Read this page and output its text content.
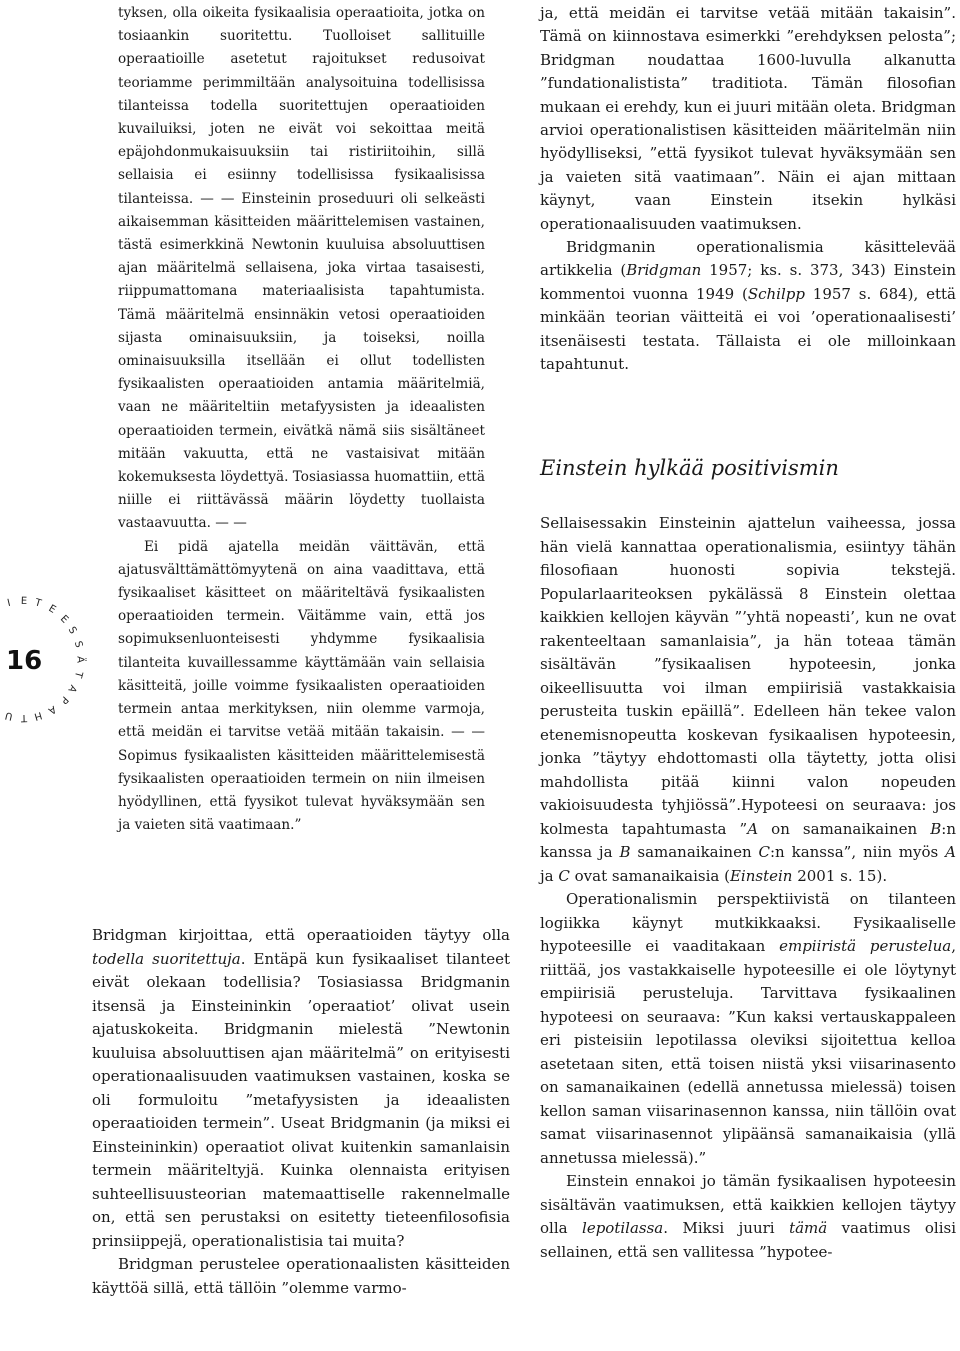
I E T E
E
S
S
Ä
T
A
P
A
H
T
U
16

tyksen, olla oikeita fysikaalisia operaatioita, jotka on tosiaankin suoritettu. Tuolloiset sallituille operaatioille asetetut rajoitukset redusoivat teoriamme perimmiltään analysoituina todellisissa tilanteissa todella suoritettujen operaatioiden kuvailuiksi, joten ne eivät voi sekoittaa meitä epäjohdonmukaisuuksiin tai ristiriitoihin, sillä sellaisia ei esiinny todellisissa fysikaalisissa tilanteissa. — — Einsteinin proseduuri oli selkeästi aikaisemman käsitteiden määrittelemisen vastainen, tästä esimerkkinä Newtonin kuuluisa absoluuttisen ajan määritelmä sellaisena, joka virtaa tasaisesti, riippumattomana materiaalisista tapahtumista. Tämä määritelmä ensinnäkin vetosi operaatioiden sijasta ominaisuuksiin, ja toiseksi, noilla ominaisuuksilla itsellään ei ollut todellisten fysikaalisten operaatioiden antamia määritelmiä, vaan ne määriteltiin metafyysisten ja ideaalisten operaatioiden termein, eivätkä nämä siis sisältäneet mitään vakuutta, että ne vastaisivat mitään kokemuksesta löydettyä. Tosiasiassa huomattiin, että niille ei riittävässä määrin löydetty tuollaista vastaavuutta. — —

Ei pidä ajatella meidän väittävän, että ajatusvälttämättömyytenä on aina vaadittava, että fysikaaliset käsitteet on määriteltävä fysikaalisten operaatioiden termein. Väitämme vain, että jos sopimuksenluonteisesti yhdymme fysikaalisia tilanteita kuvaillessamme käyttämään vain sellaisia käsitteitä, joille voimme fysikaalisten operaatioiden termein antaa merkityksen, niin olemme varmoja, että meidän ei tarvitse vetää mitään takaisin. — — Sopimus fysikaalisten käsitteiden määrittelemisestä fysikaalisten operaatioiden termein on niin ilmeisen hyödyllinen, että fyysikot tulevat hyväksymään sen ja vaieten sitä vaatimaan.”

Bridgman kirjoittaa, että operaatioiden täytyy olla todella suoritettuja. Entäpä kun fysikaaliset tilanteet eivät olekaan todellisia? Tosiasiassa Bridgmanin itsensä ja Einsteininkin ’operaatiot’ olivat usein ajatuskokeita. Bridgmanin mielestä ”Newtonin kuuluisa absoluuttisen ajan määritelmä” on erityisesti operationaalisuuden vaatimuksen vastainen, koska se oli formuloitu ”metafyysisten ja ideaalisten operaatioiden termein”. Useat Bridgmanin (ja miksi ei Einsteininkin) operaatiot olivat kuitenkin samanlaisin termein määriteltyjä. Kuinka olennaista erityisen suhteellisuusteorian matemaattiselle rakennelmalle on, että sen perustaksi on esitetty tieteenfilosofisia prinsiippejä, operationalistisia tai muita?

Bridgman perustelee operationaalisten käsitteiden käyttöä sillä, että tällöin ”olemme varmo-

ja, että meidän ei tarvitse vetää mitään takaisin”. Tämä on kiinnostava esimerkki ”erehdyksen pelosta”; Bridgman noudattaa 1600-luvulla alkanutta ”fundationalistista” traditiota. Tämän filosofian mukaan ei erehdy, kun ei juuri mitään oleta. Bridgman arvioi operationalistisen käsitteiden määritelmän niin hyödylliseksi, ”että fyysikot tulevat hyväksymään sen ja vaieten sitä vaatimaan”. Näin ei ajan mittaan käynyt, vaan Einstein itsekin hylkäsi operationaalisuuden vaatimuksen.

Bridgmanin operationalismia käsittelevää artikkelia (Bridgman 1957; ks. s. 373, 343) Einstein kommentoi vuonna 1949 (Schilpp 1957 s. 684), että minkään teorian väitteitä ei voi ’operationaalisesti’ itsenäisesti testata. Tällaista ei ole milloinkaan tapahtunut.

Einstein hylkää positivismin

Sellaisessakin Einsteinin ajattelun vaiheessa, jossa hän vielä kannattaa operationalismia, esiintyy tähän filosofiaan huonosti sopivia tekstejä. Popularlaariteoksen pykälässä 8 Einstein olettaa kaikkien kellojen käyvän ”’yhtä nopeasti’, kun ne ovat rakenteeltaan samanlaisia”, ja hän toteaa tämän sisältävän ”fysikaalisen hypoteesin, jonka oikeellisuutta voi ilman empiirisiä vastakkaisia perusteita tuskin epäillä”. Edelleen hän tekee valon etenemisnopeutta koskevan fysikaalisen hypoteesin, jonka ”täytyy ehdottomasti olla täytetty, jotta olisi mahdollista pitää kiinni valon nopeuden vakioisuudesta tyhjiössä”.Hypoteesi on seuraava: jos kolmesta tapahtumasta ”A on samanaikainen B:n kanssa ja B samanaikainen C:n kanssa”, niin myös A ja C ovat samanaikaisia (Einstein 2001 s. 15).

Operationalismin perspektiivistä on tilanteen logiikka käynyt mutkikkaaksi. Fysikaaliselle hypoteesille ei vaaditakaan empiiristä perustelua, riittää, jos vastakkaiselle hypoteesille ei ole löytynyt empiirisiä perusteluja. Tarvittava fysikaalinen hypoteesi on seuraava: ”Kun kaksi vertauskappaleen eri pisteisiin lepotilassa oleviksi sijoitettua kelloa asetetaan siten, että toisen niistä yksi viisarinasento on samanaikainen (edellä annetussa mielessä) toisen kellon saman viisarinasennon kanssa, niin tällöin ovat samat viisarinasennot ylipäänsä samanaikaisia (yllä annetussa mielessä).”

Einstein ennakoi jo tämän fysikaalisen hypoteesin sisältävän vaatimuksen, että kaikkien kellojen täytyy olla lepotilassa. Miksi juuri tämä vaatimus olisi sellainen, että sen vallitessa ”hypotee-
